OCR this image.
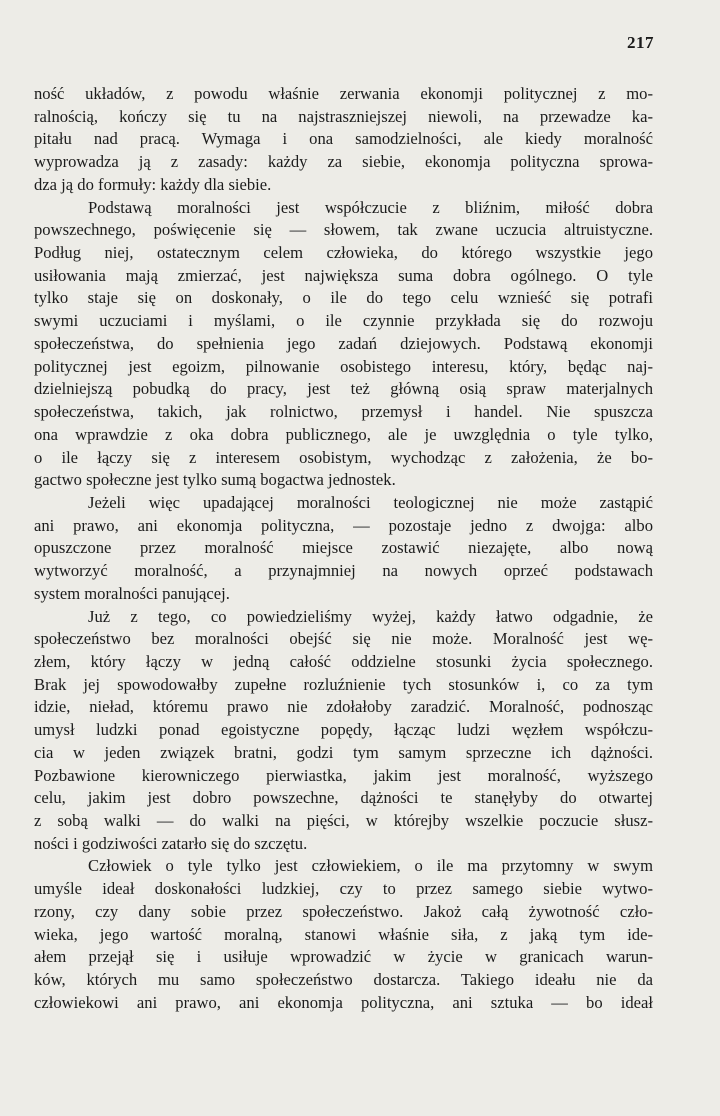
217
ność układów, z powodu właśnie zerwania ekonomji politycznej z mo-
ralnością, kończy się tu na najstraszniejszej niewoli, na przewadze ka-
pitału nad pracą. Wymaga i ona samodzielności, ale kiedy moralność
wyprowadza ją z zasady: każdy za siebie, ekonomja polityczna sprowa-
dza ją do formuły: każdy dla siebie.
Podstawą moralności jest współczucie z bliźnim, miłość dobra
powszechnego, poświęcenie się — słowem, tak zwane uczucia altruistyczne.
Podług niej, ostatecznym celem człowieka, do którego wszystkie jego
usiłowania mają zmierzać, jest największa suma dobra ogólnego. O tyle
tylko staje się on doskonały, o ile do tego celu wznieść się potrafi
swymi uczuciami i myślami, o ile czynnie przykłada się do rozwoju
społeczeństwa, do spełnienia jego zadań dziejowych. Podstawą ekonomji
politycznej jest egoizm, pilnowanie osobistego interesu, który, będąc naj-
dzielniejszą pobudką do pracy, jest też główną osią spraw materjalnych
społeczeństwa, takich, jak rolnictwo, przemysł i handel. Nie spuszcza
ona wprawdzie z oka dobra publicznego, ale je uwzględnia o tyle tylko,
o ile łączy się z interesem osobistym, wychodząc z założenia, że bo-
gactwo społeczne jest tylko sumą bogactwa jednostek.
Jeżeli więc upadającej moralności teologicznej nie może zastąpić
ani prawo, ani ekonomja polityczna, — pozostaje jedno z dwojga: albo
opuszczone przez moralność miejsce zostawić niezajęte, albo nową
wytworzyć moralność, a przynajmniej na nowych oprzeć podstawach
system moralności panującej.
Już z tego, co powiedzieliśmy wyżej, każdy łatwo odgadnie, że
społeczeństwo bez moralności obejść się nie może. Moralność jest wę-
złem, który łączy w jedną całość oddzielne stosunki życia społecznego.
Brak jej spowodowałby zupełne rozluźnienie tych stosunków i, co za tym
idzie, nieład, któremu prawo nie zdołałoby zaradzić. Moralność, podnosząc
umysł ludzki ponad egoistyczne popędy, łącząc ludzi węzłem współczu-
cia w jeden związek bratni, godzi tym samym sprzeczne ich dążności.
Pozbawione kierowniczego pierwiastka, jakim jest moralność, wyższego
celu, jakim jest dobro powszechne, dążności te stanęłyby do otwartej
z sobą walki — do walki na pięści, w którejby wszelkie poczucie słusz-
ności i godziwości zatarło się do szczętu.
Człowiek o tyle tylko jest człowiekiem, o ile ma przytomny w swym
umyśle ideał doskonałości ludzkiej, czy to przez samego siebie wytwo-
rzony, czy dany sobie przez społeczeństwo. Jakoż całą żywotność czło-
wieka, jego wartość moralną, stanowi właśnie siła, z jaką tym ide-
ałem przejął się i usiłuje wprowadzić w życie w granicach warun-
ków, których mu samo społeczeństwo dostarcza. Takiego ideału nie da
człowiekowi ani prawo, ani ekonomja polityczna, ani sztuka — bo ideał
